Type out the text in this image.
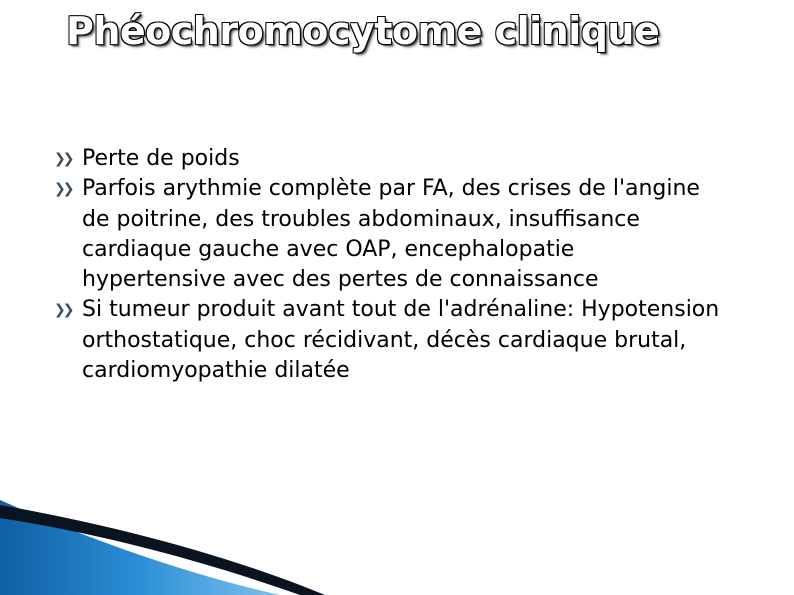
Phéochromocytome clinique
❯❯ Perte de poids
❯❯ Parfois arythmie complète par FA, des crises de l'angine de poitrine, des troubles abdominaux, insuffisance cardiaque gauche avec OAP, encephalopatie hypertensive avec des pertes de connaissance
❯❯ Si tumeur produit avant tout de l'adrénaline: Hypotension orthostatique, choc récidivant, décès cardiaque brutal, cardiomyopathie dilatée
